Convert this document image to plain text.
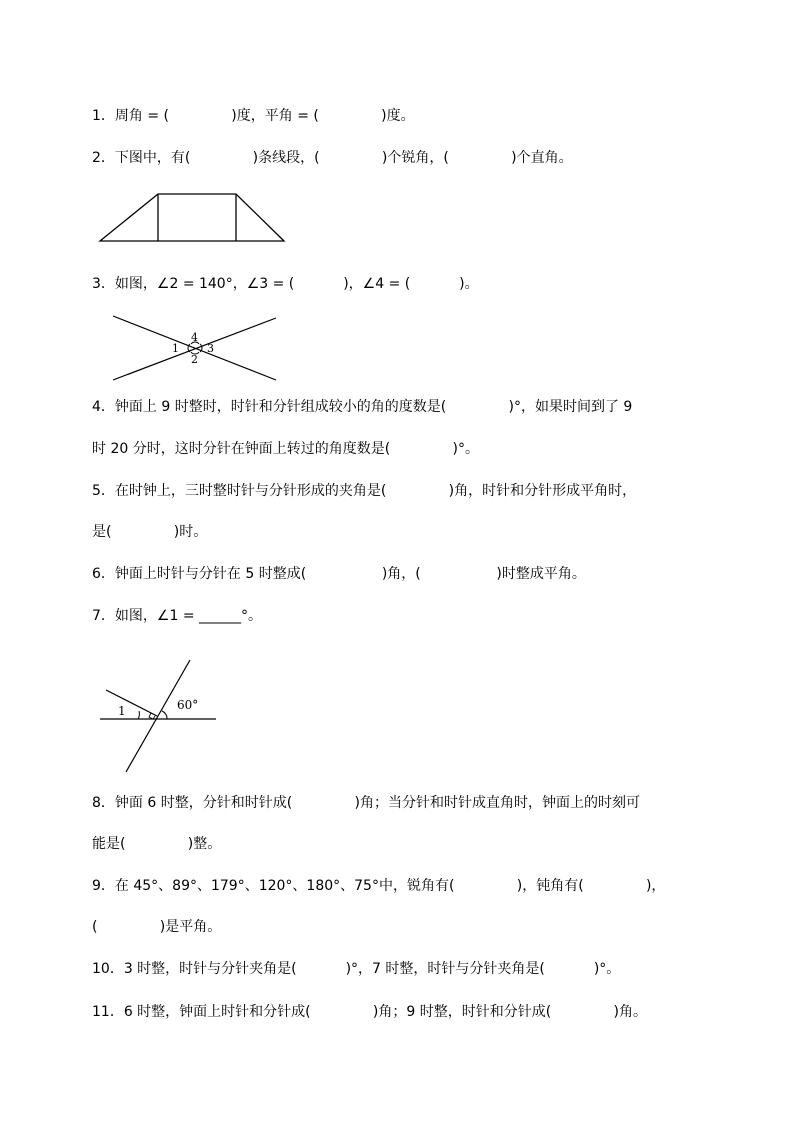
1．周角 = (              )度，平角 = (              )度。
2．下图中，有(              )条线段，(              )个锐角，(              )个直角。
3．如图，∠2 = 140°，∠3 = (           )，∠4 = (           )。
4
1	3
2
4．钟面上 9 时整时，时针和分针组成较小的角的度数是(              )°，如果时间到了 9
时 20 分时，这时分针在钟面上转过的角度数是(              )°。
5．在时钟上，三时整时针与分针形成的夹角是(              )角，时针和分针形成平角时，
是(              )时。
6．钟面上时针与分针在 5 时整成(                 )角，(                 )时整成平角。
7．如图，∠1 = ______°。
1	60°
8．钟面 6 时整，分针和时针成(              )角；当分针和时针成直角时，钟面上的时刻可
能是(              )整。
9．在 45°、89°、179°、120°、180°、75°中，锐角有(              )，钝角有(              )，
(              )是平角。
10．3 时整，时针与分针夹角是(           )°，7 时整，时针与分针夹角是(           )°。
11．6 时整，钟面上时针和分针成(              )角；9 时整，时针和分针成(              )角。
